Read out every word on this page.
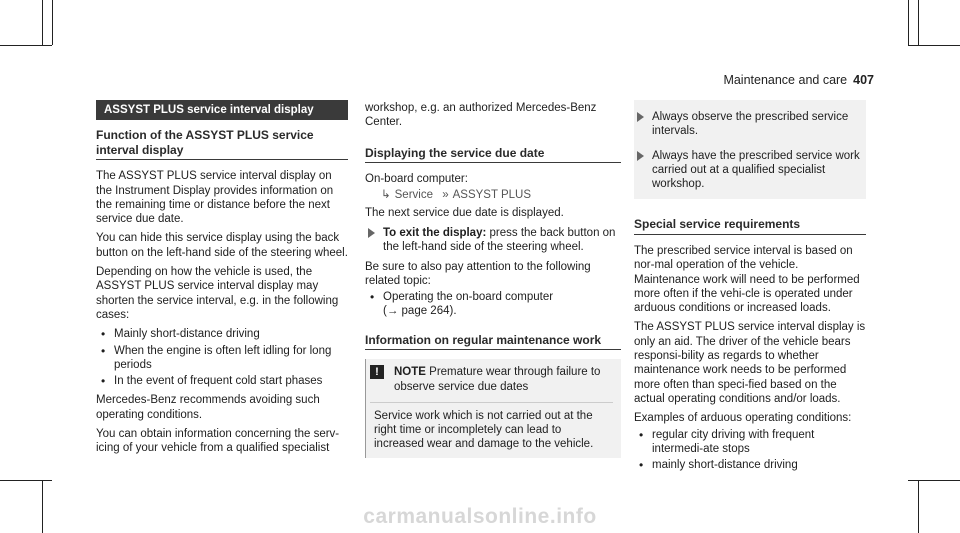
Maintenance and care 407
ASSYST PLUS service interval display
Function of the ASSYST PLUS service interval display

The ASSYST PLUS service interval display on the Instrument Display provides information on the remaining time or distance before the next service due date.

You can hide this service display using the back button on the left-hand side of the steering wheel.

Depending on how the vehicle is used, the ASSYST PLUS service interval display may shorten the service interval, e.g. in the following cases:

• Mainly short-distance driving
• When the engine is often left idling for long periods
• In the event of frequent cold start phases

Mercedes-Benz recommends avoiding such operating conditions.

You can obtain information concerning the serv-icing of your vehicle from a qualified specialist

workshop, e.g. an authorized Mercedes-Benz Center.

Displaying the service due date

On-board computer:

↳ Service » ASSYST PLUS

The next service due date is displayed.

To exit the display: press the back button on the left-hand side of the steering wheel.

Be sure to also pay attention to the following related topic:

• Operating the on-board computer
(→ page 264).
Information on regular maintenance work
!	NOTE Premature wear through failure to observe service due dates
Service work which is not carried out at the right time or incompletely can lead to increased wear and damage to the vehicle.
Always observe the prescribed service intervals.
Always have the prescribed service work carried out at a qualified specialist workshop.
Special service requirements

The prescribed service interval is based on nor-mal operation of the vehicle. Maintenance work will need to be performed more often if the vehi-cle is operated under arduous conditions or increased loads.

The ASSYST PLUS service interval display is only an aid. The driver of the vehicle bears responsi-bility as regards to whether maintenance work needs to be performed more often than speci-fied based on the actual operating conditions and/or loads.

Examples of arduous operating conditions:

• regular city driving with frequent intermedi-ate stops
• mainly short-distance driving
carmanualsonline.info
